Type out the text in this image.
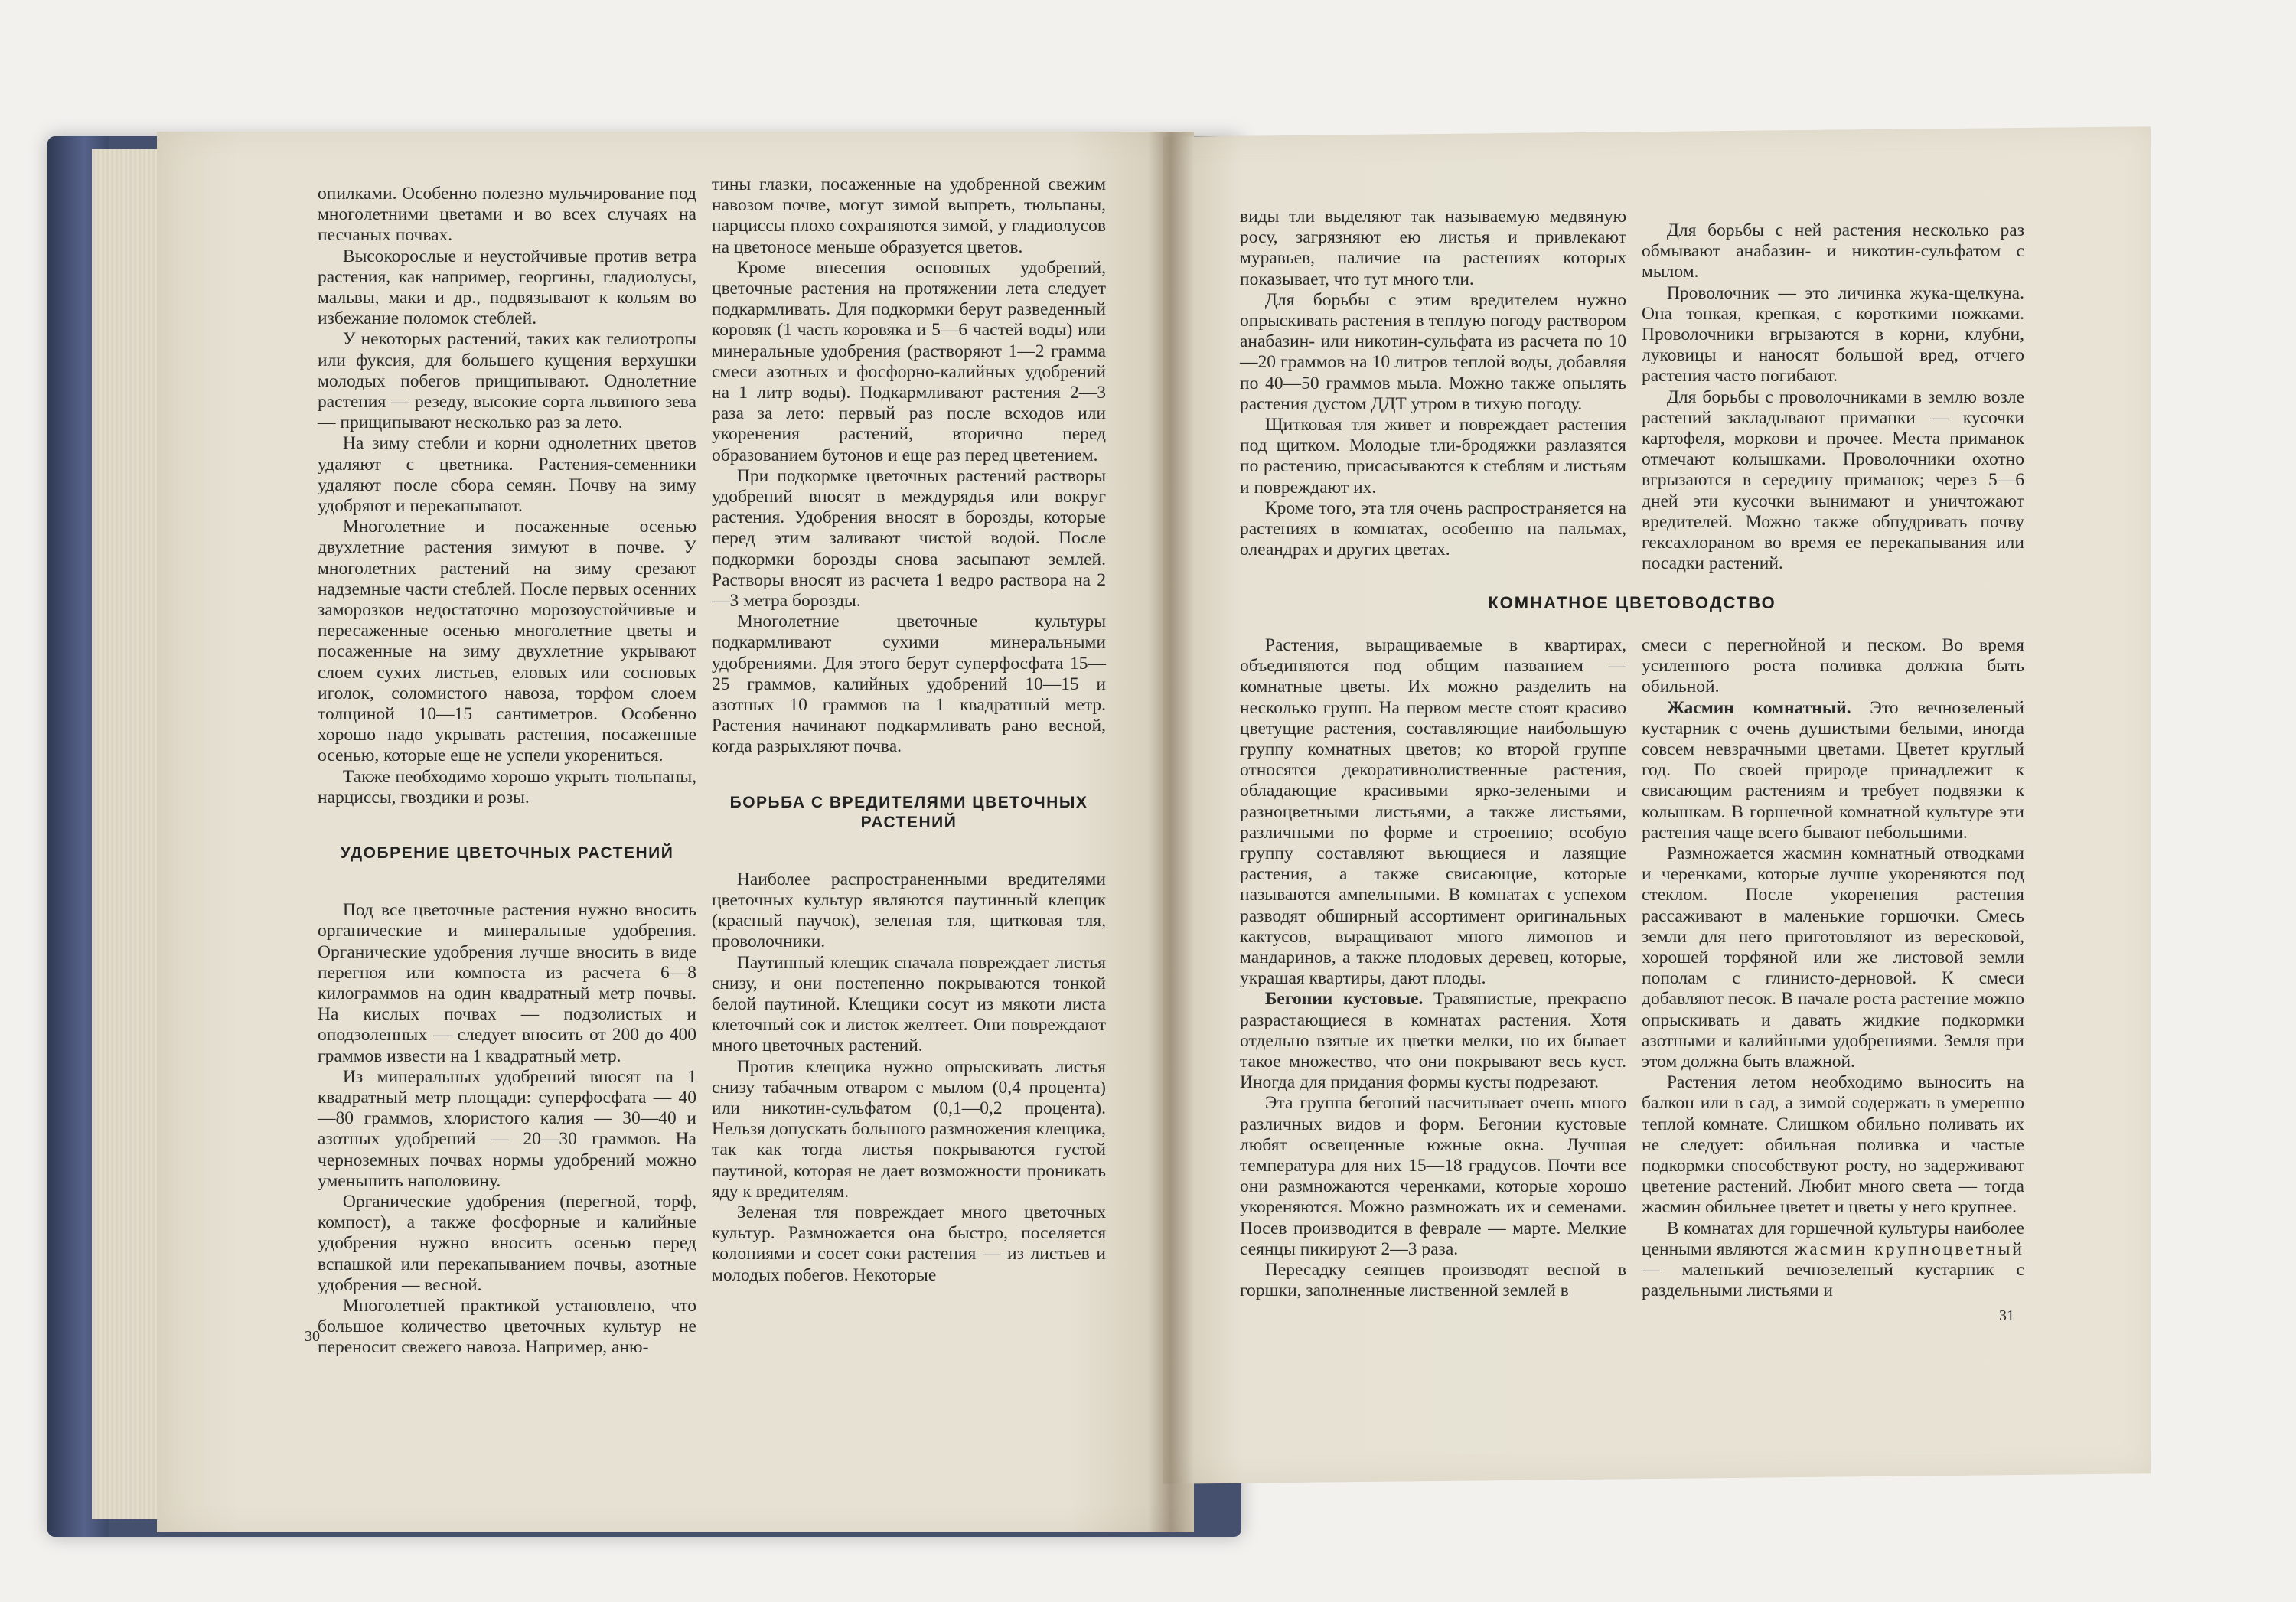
опилками. Особенно полезно мульчирование под многолетними цветами и во всех случаях на песчаных почвах.

Высокорослые и неустойчивые против ветра растения, как например, георгины, гладиолусы, мальвы, маки и др., подвязывают к кольям во избежание поломок стеблей.

У некоторых растений, таких как гелиотропы или фуксия, для большего кущения верхушки молодых побегов прищипывают. Однолетние растения — резеду, высокие сорта львиного зева — прищипывают несколько раз за лето.

На зиму стебли и корни однолетних цветов удаляют с цветника. Растения-семенники удаляют после сбора семян. Почву на зиму удобряют и перекапывают.

Многолетние и посаженные осенью двухлетние растения зимуют в почве. У многолетних растений на зиму срезают надземные части стеблей. После первых осенних заморозков недостаточно морозоустойчивые и пересаженные осенью многолетние цветы и посаженные на зиму двухлетние укрывают слоем сухих листьев, еловых или сосновых иголок, соломистого навоза, торфом слоем толщиной 10—15 сантиметров. Особенно хорошо надо укрывать растения, посаженные осенью, которые еще не успели укорениться.

Также необходимо хорошо укрыть тюльпаны, нарциссы, гвоздики и розы.

УДОБРЕНИЕ ЦВЕТОЧНЫХ РАСТЕНИЙ

Под все цветочные растения нужно вносить органические и минеральные удобрения. Органические удобрения лучше вносить в виде перегноя или компоста из расчета 6—8 килограммов на один квадратный метр почвы. На кислых почвах — подзолистых и оподзоленных — следует вносить от 200 до 400 граммов извести на 1 квадратный метр.

Из минеральных удобрений вносят на 1 квадратный метр площади: суперфосфата — 40—80 граммов, хлористого калия — 30—40 и азотных удобрений — 20—30 граммов. На черноземных почвах нормы удобрений можно уменьшить наполовину.

Органические удобрения (перегной, торф, компост), а также фосфорные и калийные удобрения нужно вносить осенью перед вспашкой или перекапыванием почвы, азотные удобрения — весной.

Многолетней практикой установлено, что большое количество цветочных культур не переносит свежего навоза. Например, аню-

тины глазки, посаженные на удобренной свежим навозом почве, могут зимой выпреть, тюльпаны, нарциссы плохо сохраняются зимой, у гладиолусов на цветоносе меньше образуется цветов.

Кроме внесения основных удобрений, цветочные растения на протяжении лета следует подкармливать. Для подкормки берут разведенный коровяк (1 часть коровяка и 5—6 частей воды) или минеральные удобрения (растворяют 1—2 грамма смеси азотных и фосфорно-калийных удобрений на 1 литр воды). Подкармливают растения 2—3 раза за лето: первый раз после всходов или укоренения растений, вторично перед образованием бутонов и еще раз перед цветением.

При подкормке цветочных растений растворы удобрений вносят в междурядья или вокруг растения. Удобрения вносят в борозды, которые перед этим заливают чистой водой. После подкормки борозды снова засыпают землей. Растворы вносят из расчета 1 ведро раствора на 2—3 метра борозды.

Многолетние цветочные культуры подкармливают сухими минеральными удобрениями. Для этого берут суперфосфата 15—25 граммов, калийных удобрений 10—15 и азотных 10 граммов на 1 квадратный метр. Растения начинают подкармливать рано весной, когда разрыхляют почва.

БОРЬБА С ВРЕДИТЕЛЯМИ ЦВЕТОЧНЫХ РАСТЕНИЙ

Наиболее распространенными вредителями цветочных культур являются паутинный клещик (красный паучок), зеленая тля, щитковая тля, проволочники.

Паутинный клещик сначала повреждает листья снизу, и они постепенно покрываются тонкой белой паутиной. Клещики сосут из мякоти листа клеточный сок и листок желтеет. Они повреждают много цветочных растений.

Против клещика нужно опрыскивать листья снизу табачным отваром с мылом (0,4 процента) или никотин-сульфатом (0,1—0,2 процента). Нельзя допускать большого размножения клещика, так как тогда листья покрываются густой паутиной, которая не дает возможности проникать яду к вредителям.

Зеленая тля повреждает много цветочных культур. Размножается она быстро, поселяется колониями и сосет соки растения — из листьев и молодых побегов. Некоторые

30

виды тли выделяют так называемую медвяную росу, загрязняют ею листья и привлекают муравьев, наличие на растениях которых показывает, что тут много тли.

Для борьбы с этим вредителем нужно опрыскивать растения в теплую погоду раствором анабазин- или никотин-сульфата из расчета по 10—20 граммов на 10 литров теплой воды, добавляя по 40—50 граммов мыла. Можно также опылять растения дустом ДДТ утром в тихую погоду.

Щитковая тля живет и повреждает растения под щитком. Молодые тли-бродяжки разлазятся по растению, присасываются к стеблям и листьям и повреждают их.

Кроме того, эта тля очень распространяется на растениях в комнатах, особенно на пальмах, олеандрах и других цветах.

Для борьбы с ней растения несколько раз обмывают анабазин- и никотин-сульфатом с мылом.

Проволочник — это личинка жука-щелкуна. Она тонкая, крепкая, с короткими ножками. Проволочники вгрызаются в корни, клубни, луковицы и наносят большой вред, отчего растения часто погибают.

Для борьбы с проволочниками в землю возле растений закладывают приманки — кусочки картофеля, моркови и прочее. Места приманок отмечают колышками. Проволочники охотно вгрызаются в середину приманок; через 5—6 дней эти кусочки вынимают и уничтожают вредителей. Можно также обпудривать почву гексахлораном во время ее перекапывания или посадки растений.

КОМНАТНОЕ ЦВЕТОВОДСТВО

Растения, выращиваемые в квартирах, объединяются под общим названием — комнатные цветы. Их можно разделить на несколько групп. На первом месте стоят красиво цветущие растения, составляющие наибольшую группу комнатных цветов; ко второй группе относятся декоративнолиственные растения, обладающие красивыми ярко-зелеными и разноцветными листьями, а также листьями, различными по форме и строению; особую группу составляют вьющиеся и лазящие растения, а также свисающие, которые называются ампельными. В комнатах с успехом разводят обширный ассортимент оригинальных кактусов, выращивают много лимонов и мандаринов, а также плодовых деревец, которые, украшая квартиры, дают плоды.

Бегонии кустовые. Травянистые, прекрасно разрастающиеся в комнатах растения. Хотя отдельно взятые их цветки мелки, но их бывает такое множество, что они покрывают весь куст. Иногда для придания формы кусты подрезают.

Эта группа бегоний насчитывает очень много различных видов и форм. Бегонии кустовые любят освещенные южные окна. Лучшая температура для них 15—18 градусов. Почти все они размножаются черенками, которые хорошо укореняются. Можно размножать их и семенами. Посев производится в феврале — марте. Мелкие сеянцы пикируют 2—3 раза.

Пересадку сеянцев производят весной в горшки, заполненные лиственной землей в

смеси с перегнойной и песком. Во время усиленного роста поливка должна быть обильной.

Жасмин комнатный. Это вечнозеленый кустарник с очень душистыми белыми, иногда совсем невзрачными цветами. Цветет круглый год. По своей природе принадлежит к свисающим растениям и требует подвязки к колышкам. В горшечной комнатной культуре эти растения чаще всего бывают небольшими.

Размножается жасмин комнатный отводками и черенками, которые лучше укореняются под стеклом. После укоренения растения рассаживают в маленькие горшочки. Смесь земли для него приготовляют из вересковой, хорошей торфяной или же листовой земли пополам с глинисто-дерновой. К смеси добавляют песок. В начале роста растение можно опрыскивать и давать жидкие подкормки азотными и калийными удобрениями. Земля при этом должна быть влажной.

Растения летом необходимо выносить на балкон или в сад, а зимой содержать в умеренно теплой комнате. Слишком обильно поливать их не следует: обильная поливка и частые подкормки способствуют росту, но задерживают цветение растений. Любит много света — тогда жасмин обильнее цветет и цветы у него крупнее.

В комнатах для горшечной культуры наиболее ценными являются жасмин крупноцветный — маленький вечнозеленый кустарник с раздельными листьями и

31
